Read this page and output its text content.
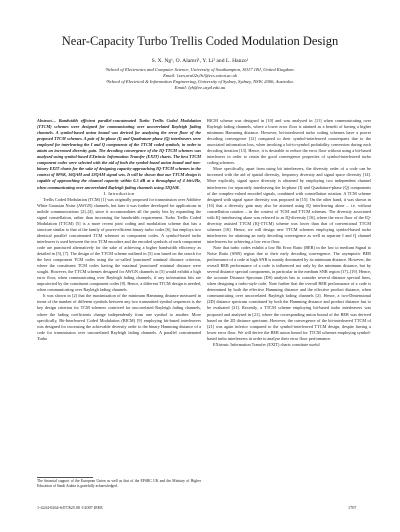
Near-Capacity Turbo Trellis Coded Modulation Design
S. X. Ng¹, O. Alamri¹, Y. Li² and L. Hanzo¹

¹School of Electronics and Computer Science, University of Southampton, SO17 1BJ, United Kingdom.

Email: {sxn,ora02r,lh}@ecs.soton.ac.uk

²School of Electrical & Information Engineering, University of Sydney, Sydney, NSW, 2006, Australia.

Email: lyh@ee.usyd.edu.au

Abstract— Bandwidth efficient parallel-concatenated Turbo Trellis Coded Modulation (TTCM) schemes were designed for communicating over uncorrelated Rayleigh fading channels. A symbol-based union bound was derived for analysing the error floor of the proposed TTCM schemes. A pair of In-phase (I) and Quadrature-phase (Q) interleavers were employed for interleaving the I and Q components of the TTCM coded symbols, in order to attain an increased diversity gain. The decoding convergence of the IQ-TTCM schemes was analysed using symbol-based EXtrinsic Information Transfer (EXIT) charts. The best TTCM component codes were selected with the aid of both the symbol-based union bound and non-binary EXIT charts for the sake of designing capacity-approaching IQ-TTCM schemes in the context of 8PSK, 16QAM and 32QAM signal sets. It will be shown that our TTCM design is capable of approaching the channel capacity within 0.5 dB at a throughput of 4 bit/s/Hz, when communicating over uncorrelated Rayleigh fading channels using 32QAM.

I. Introduction

Trellis Coded Modulation (TCM) [1] was originally proposed for transmission over Additive White Gaussian Noise (AWGN) channels, but later it was further developed for applications in mobile communications [2]–[4], since it accommodates all the parity bits by expanding the signal constellation, rather than increasing the bandwidth requirement. Turbo Trellis Coded Modulation (TTCM) [5] is a more recent joint coding and modulation scheme that has a structure similar to that of the family of power-efficient binary turbo codes [6], but employs two identical parallel concatenated TCM schemes as component codes. A symbol-based turbo interleaver is used between the two TCM encoders and the encoded symbols of each component code are punctured alternatively for the sake of achieving a higher bandwidth efficiency as detailed in [5], [7]. The design of the TTCM scheme outlined in [5] was based on the search for the best component TCM codes using the so-called 'punctured' minimal distance criterion, where the constituent TCM codes having the maximal 'punctured' minimal distance were sought. However, the TTCM schemes designed for AWGN channels in [5] would exhibit a high error floor, when communicating over Rayleigh fading channels, if any information bits are unprotected by the constituent component codes [8]. Hence, a different TTCM design is needed, when communicating over Rayleigh fading channels.

It was shown in [2] that the maximisation of the minimum Hamming distance measured in terms of the number of different symbols between any two transmitted symbol sequences is the key design criterion for TCM schemes contrived for uncorrelated Rayleigh fading channels, where the fading coefficients change independently from one symbol to another. More specifically, Bit-Interleaved Coded Modulation (BICM) [9] employing bit-based interleavers was designed for increasing the achievable diversity order to the binary Hamming distance of a code for transmission over uncorrelated Rayleigh fading channels. A parallel concatenated Turbo

BICM scheme was designed in [10] and was analysed in [11] when communicating over Rayleigh fading channels, where a lower error floor is attained as a benefit of having a higher minimum Hamming distance. However, bit-interleaved turbo coding schemes have a poorer decoding convergence [12] compared to their symbol-interleaved counterparts due to the associated information loss, when invoking a bit-to-symbol probability conversion during each decoding iteration [13]. Hence, it is desirable to reduce the error floor without using a bit-based interleaver in order to retain the good convergence properties of symbol-interleaved turbo coding schemes.

More specifically, apart from using bit interleavers, the diversity order of a code can be increased with the aid of spatial diversity, frequency diversity and signal space diversity [14]. More explicitly, signal space diversity is obtained by employing two independent channel interleavers for separately interleaving the In-phase (I) and Quadrature-phase (Q) components of the complex-valued encoded signals, combined with constellation rotation. A TCM scheme designed with signal space diversity was proposed in [15]. On the other hand, it was shown in [16] that a diversity gain may also be attained using IQ interleaving alone – i.e. without constellation rotation – in the context of TCM and TTCM schemes. The diversity associated with IQ interleaving alone was referred to as IQ-diversity [16], where the error floor of the IQ-diversity assisted TTCM (IQ-TTCM) scheme was lower than that of conventional TTCM schemes [16]. Hence, we will design new TTCM schemes employing symbol-based turbo interleavers for attaining an early decoding convergence as well as separate I and Q channel interleavers for achieving a low error floor.

Note that turbo codes exhibit a low Bit Error Ratio (BER) in the low to medium Signal to Noise Ratio (SNR) region due to their early decoding convergence. The asymptotic BER performance of a code at high SNR is mainly dominated by its minimum distance. However, the overall BER performance of a code is influenced not only by the minimum distance, but by several distance spectral components, in particular in the medium SNR region [17]–[19]. Hence, the accurate Distance Spectrum (DS) analysis has to consider several distance spectral lines, when designing a turbo-style code. Note further that the overall BER performance of a code is determined by both the effective Hamming distance and the effective product distance, when communicating over uncorrelated Rayleigh fading channels [2]. Hence, a two-Dimensional (2D) distance spectrum constituted by both the Hamming distance and product distance has to be evaluated [21]. Recently, a TTCM scheme employing bit-based turbo interleavers was proposed and analysed in [21], where the corresponding union bound of the BER was derived based on the 2D distance spectrum. However, the convergence of the bit-interleaved TTCM of [21] was again inferior compared to the symbol-interleaved TTCM design, despite having a lower error floor. We will derive the BER union bound for TTCM schemes employing symbol-based turbo interleavers in order to analyse their error floor performance.

EXtrinsic Information Transfer (EXIT) charts constitute useful

The financial support of the European Union as well as that of the EPSRC UK and the Ministry of Higher Education of Saudi Arabia is gratefully acknowledged.
1-4244-0264-6/07/$25.00 ©2007 IEEE	1707
